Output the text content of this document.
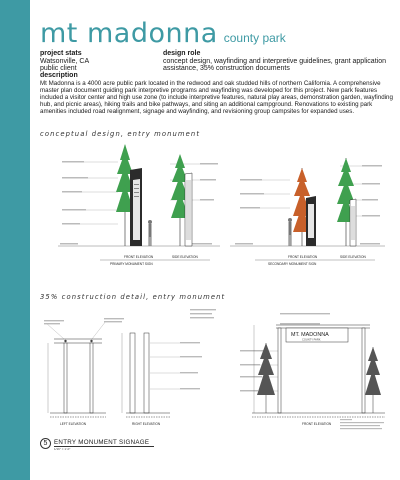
mt madonna county park
project stats
Watsonville, CA
public client
design role
concept design, wayfinding and interpretive guidelines, grant application
assistance, 35% construction documents
description

Mt Madonna is a 4000 acre public park located in the redwood and oak studded hills of northern California. A comprehensive master plan document guiding park interpretive programs and wayfinding was developed for this project. New park features included a visitor center and high use zone (to include interpretive features, natural play areas, demonstration garden, wayfinding hub, and picnic areas), hiking trails and bike pathways, and siting an additional campground. Renovations to existing park amenities included road realignment, signage and wayfinding, and revisioning group campsites for expanded uses.

conceptual design, entry monument
FRONT ELEVATION	SIDE ELEVATION
PRIMARY MONUMENT SIGN
FRONT ELEVATION	SIDE ELEVATION
SECONDARY MONUMENT SIGN
35% construction detail, entry monument
MT. MADONNA
COUNTY PARK
LEFT ELEVATION	RIGHT ELEVATION	FRONT ELEVATION
5	ENTRY MONUMENT SIGNAGE
1/16" = 1'-0"
